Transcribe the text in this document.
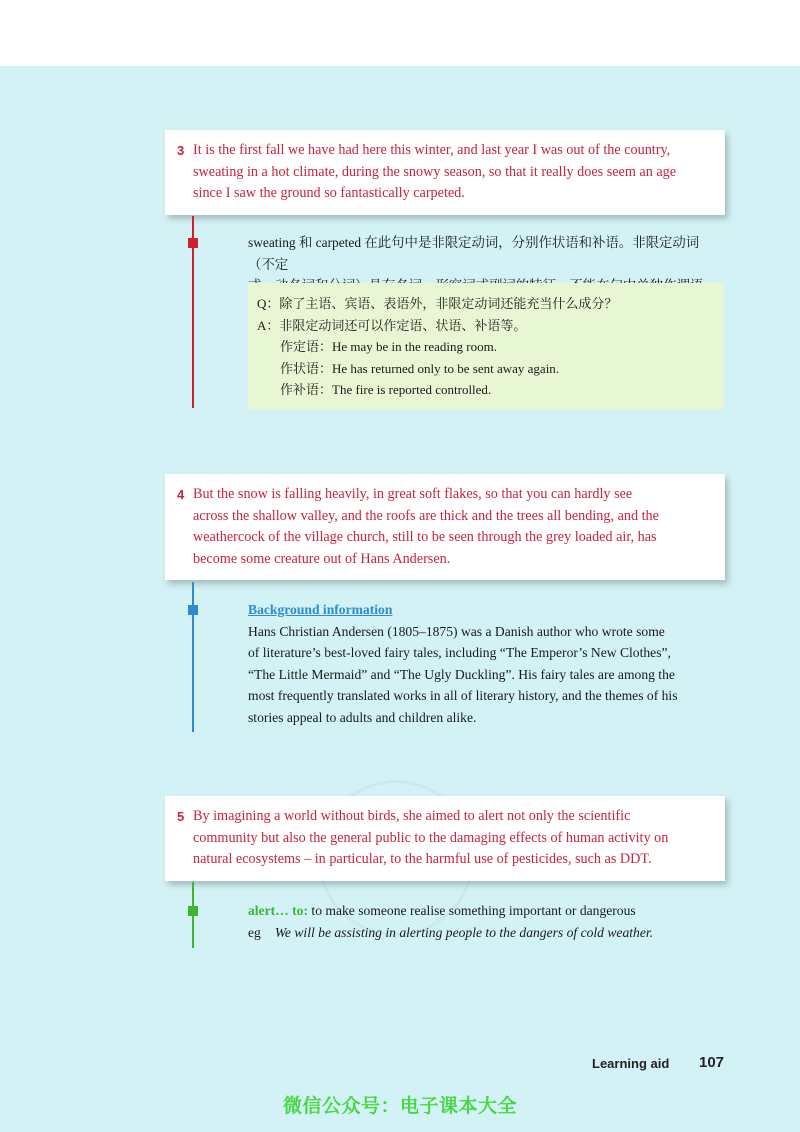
3 It is the first fall we have had here this winter, and last year I was out of the country,
sweating in a hot climate, during the snowy season, so that it really does seem an age
since I saw the ground so fantastically carpeted.
sweating 和 carpeted 在此句中是非限定动词，分别作状语和补语。非限定动词（不定
Q：除了主语、宾语、表语外，非限定动词还能充当什么成分？
A：非限定动词还可以作定语、状语、补语等。
作定语：He may be in the reading room.
作状语：He has returned only to be sent away again.
作补语：The fire is reported controlled.
4 But the snow is falling heavily, in great soft flakes, so that you can hardly see
across the shallow valley, and the roofs are thick and the trees all bending, and the
weathercock of the village church, still to be seen through the grey loaded air, has
become some creature out of Hans Andersen.
Background information
Hans Christian Andersen (1805–1875) was a Danish author who wrote some
of literature’s best-loved fairy tales, including “The Emperor’s New Clothes”,
“The Little Mermaid” and “The Ugly Duckling”. His fairy tales are among the
most frequently translated works in all of literary history, and the themes of his
stories appeal to adults and children alike.
5 By imagining a world without birds, she aimed to alert not only the scientific
community but also the general public to the damaging effects of human activity on
natural ecosystems – in particular, to the harmful use of pesticides, such as DDT.
alert… to: to make someone realise something important or dangerous
eg We will be assisting in alerting people to the dangers of cold weather.
Learning aid 107
微信公众号：电子课本大全
